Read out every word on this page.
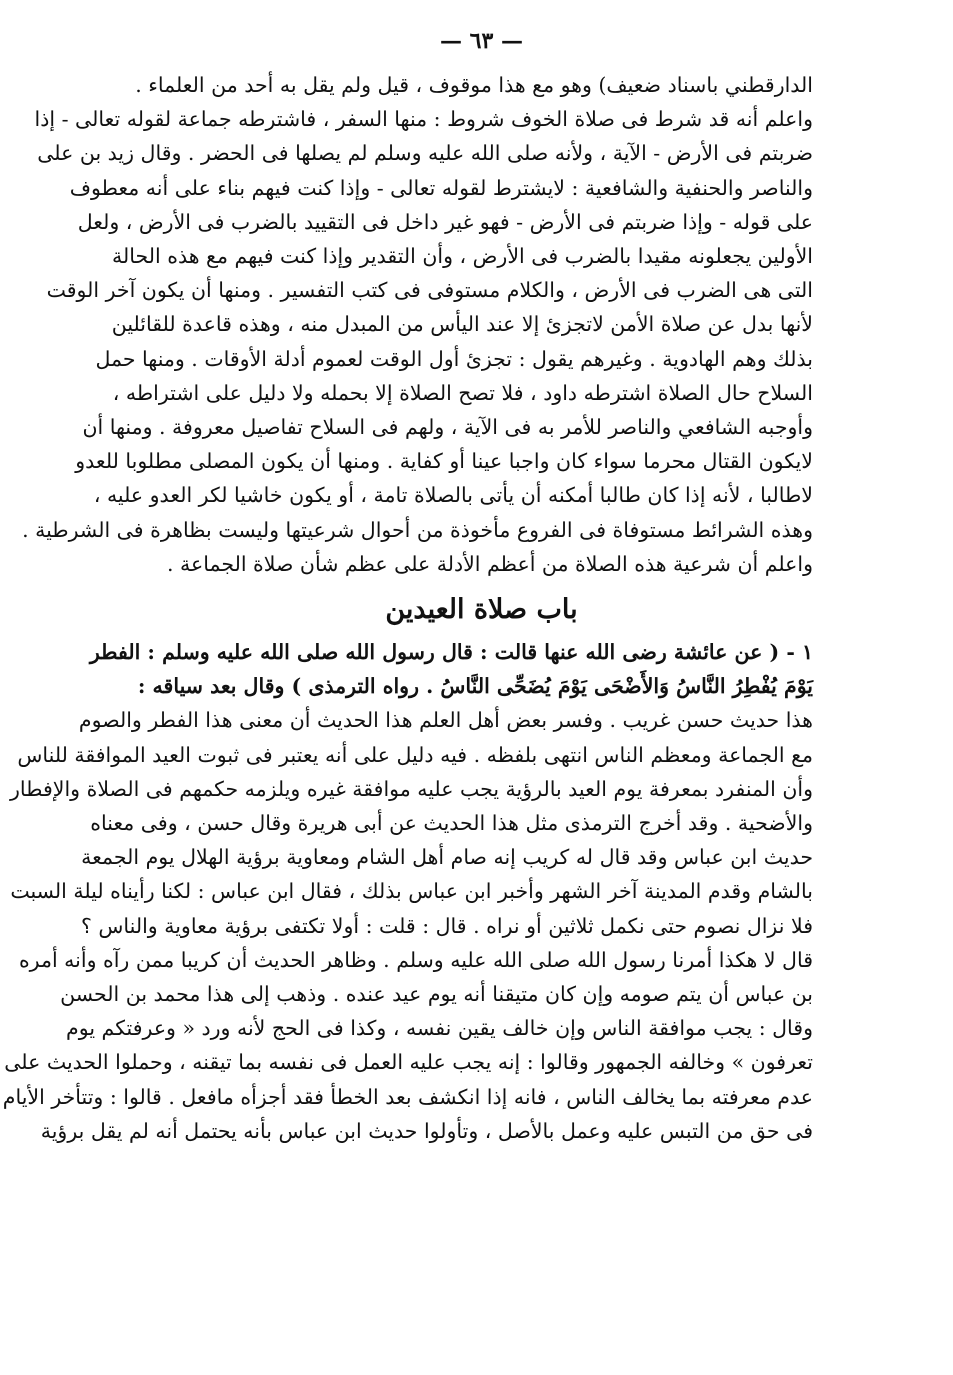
— ٦٣ —
الدارقطني باسناد ضعيف) وهو مع هذا موقوف ، قيل ولم يقل به أحد من العلماء .
واعلم أنه قد شرط فى صلاة الخوف شروط : منها السفر ، فاشترطه جماعة لقوله تعالى - إذا
ضربتم فى الأرض - الآية ، ولأنه صلى الله عليه وسلم لم يصلها فى الحضر . وقال زيد بن على
والناصر والحنفية والشافعية : لايشترط لقوله تعالى - وإذا كنت فيهم بناء على أنه معطوف
على قوله - وإذا ضربتم فى الأرض - فهو غير داخل فى التقييد بالضرب فى الأرض ، ولعل
الأولين يجعلونه مقيدا بالضرب فى الأرض ، وأن التقدير وإذا كنت فيهم مع هذه الحالة
التى هى الضرب فى الأرض ، والكلام مستوفى فى كتب التفسير . ومنها أن يكون آخر الوقت
لأنها بدل عن صلاة الأمن لاتجزئ إلا عند اليأس من المبدل منه ، وهذه قاعدة للقائلين
بذلك وهم الهادوية . وغيرهم يقول : تجزئ أول الوقت لعموم أدلة الأوقات . ومنها حمل
السلاح حال الصلاة اشترطه داود ، فلا تصح الصلاة إلا بحمله ولا دليل على اشتراطه ،
وأوجبه الشافعي والناصر للأمر به فى الآية ، ولهم فى السلاح تفاصيل معروفة . ومنها أن
لايكون القتال محرما سواء كان واجبا عينا أو كفاية . ومنها أن يكون المصلى مطلوبا للعدو
لاطالبا ، لأنه إذا كان طالبا أمكنه أن يأتى بالصلاة تامة ، أو يكون خاشيا لكر العدو عليه ،
وهذه الشرائط مستوفاة فى الفروع مأخوذة من أحوال شرعيتها وليست بظاهرة فى الشرطية .
واعلم أن شرعية هذه الصلاة من أعظم الأدلة على عظم شأن صلاة الجماعة .
باب صلاة العيدين
١ - ( عن عائشة رضى الله عنها قالت : قال رسول الله صلى الله عليه وسلم : الفطر
يَوْمَ يُفْطِرُ النَّاسُ وَالأَضْحَى يَوْمَ يُضَحِّى النَّاسُ . رواه الترمذى ) وقال بعد سياقه :
هذا حديث حسن غريب . وفسر بعض أهل العلم هذا الحديث أن معنى هذا الفطر والصوم
مع الجماعة ومعظم الناس انتهى بلفظه . فيه دليل على أنه يعتبر فى ثبوت العيد الموافقة للناس
وأن المنفرد بمعرفة يوم العيد بالرؤية يجب عليه موافقة غيره ويلزمه حكمهم فى الصلاة والإفطار
والأضحية . وقد أخرج الترمذى مثل هذا الحديث عن أبى هريرة وقال حسن ، وفى معناه
حديث ابن عباس وقد قال له كريب إنه صام أهل الشام ومعاوية برؤية الهلال يوم الجمعة
بالشام وقدم المدينة آخر الشهر وأخبر ابن عباس بذلك ، فقال ابن عباس : لكنا رأيناه ليلة السبت
فلا نزال نصوم حتى نكمل ثلاثين أو نراه . قال : قلت : أولا تكتفى برؤية معاوية والناس ؟
قال لا هكذا أمرنا رسول الله صلى الله عليه وسلم . وظاهر الحديث أن كريبا ممن رآه وأنه أمره
بن عباس أن يتم صومه وإن كان متيقنا أنه يوم عيد عنده . وذهب إلى هذا محمد بن الحسن
وقال : يجب موافقة الناس وإن خالف يقين نفسه ، وكذا فى الحج لأنه ورد « وعرفتكم يوم
تعرفون » وخالفه الجمهور وقالوا : إنه يجب عليه العمل فى نفسه بما تيقنه ، وحملوا الحديث على
عدم معرفته بما يخالف الناس ، فانه إذا انكشف بعد الخطأ فقد أجزأه مافعل . قالوا : وتتأخر الأيام
فى حق من التبس عليه وعمل بالأصل ، وتأولوا حديث ابن عباس بأنه يحتمل أنه لم يقل برؤية
